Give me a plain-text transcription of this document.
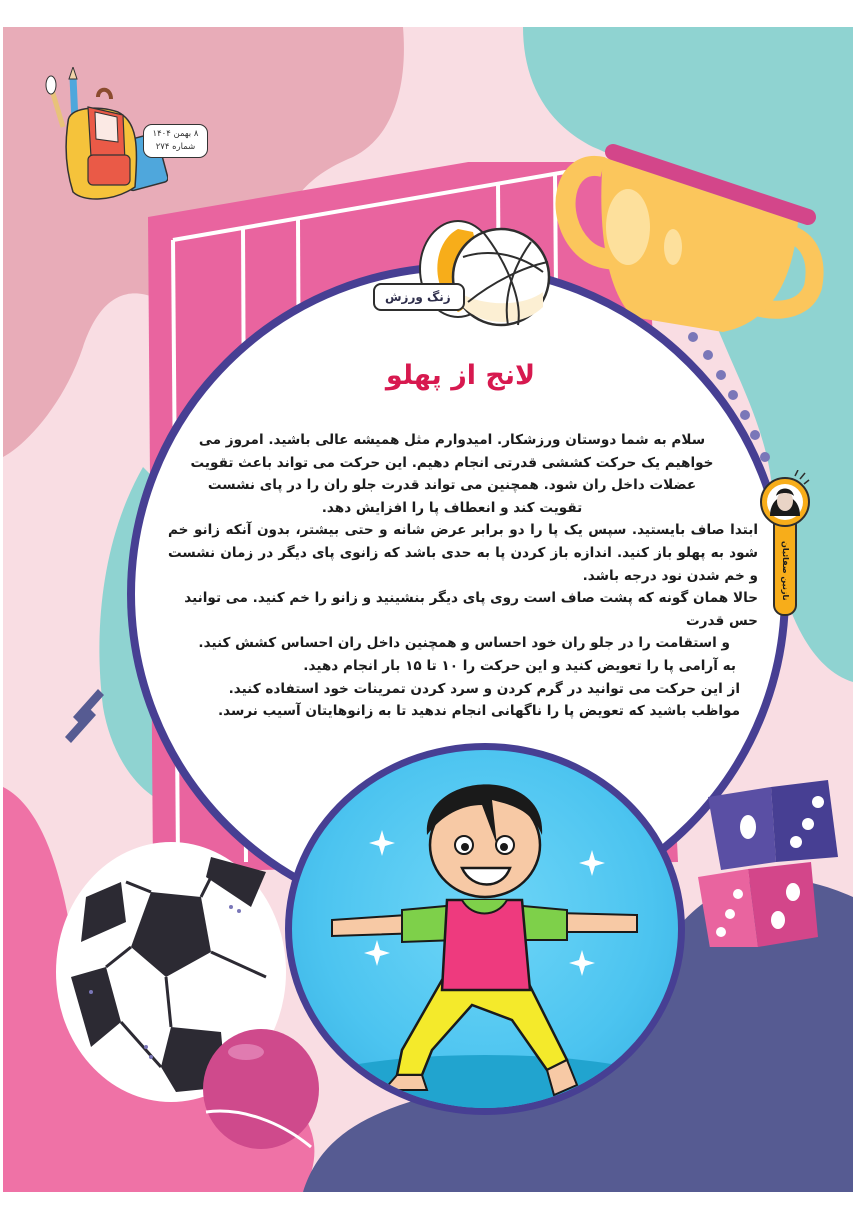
۸ بهمن ۱۴۰۴
شماره ۲۷۴
زنگ ورزش
لانج از پهلو

سلام به شما دوستان ورزشکار. امیدوارم مثل همیشه عالی باشید. امروز می خواهیم یک حرکت کششی قدرتی انجام دهیم. این حرکت می تواند باعث تقویت عضلات داخل ران شود. همچنین می تواند قدرت جلو ران را در پای نشست تقویت کند و انعطاف پا را افزایش دهد.

ابتدا صاف بایستید. سپس یک پا را دو برابر عرض شانه و حتی بیشتر، بدون آنکه زانو خم شود به پهلو باز کنید. اندازه باز کردن پا به حدی باشد که زانوی پای دیگر در زمان نشست و خم شدن نود درجه باشد.

حالا همان گونه که پشت صاف است روی پای دیگر بنشینید و زانو را خم کنید. می توانید حس قدرت

و استقامت را در جلو ران خود احساس و همچنین داخل ران احساس کشش کنید.

به آرامی پا را تعویض کنید و این حرکت را ۱۰ تا ۱۵ بار انجام دهید.

از این حرکت می توانید در گرم کردن و سرد کردن تمرینات خود استفاده کنید.

مواظب باشید که تعویض پا را ناگهانی انجام ندهید تا به زانوهایتان آسیب نرسد.

نازنین صفائیان
